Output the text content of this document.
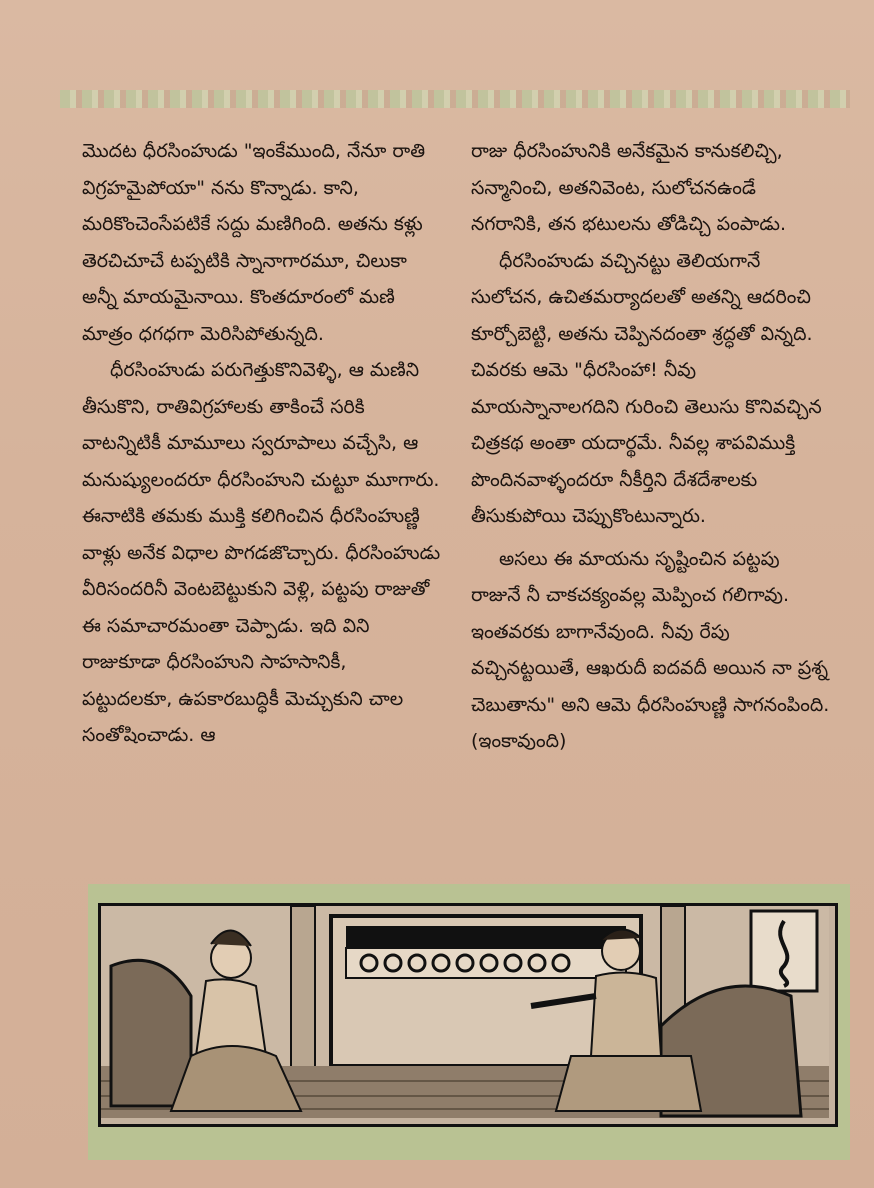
మొదట ధీరసింహుడు "ఇంకేముంది, నేనూ రాతి విగ్రహమైపోయా" నను కొన్నాడు. కాని, మరికొంచెంసేపటికే సద్దు మణిగింది. అతను కళ్లు తెరచిచూచే టప్పటికి స్నానాగారమూ, చిలుకా అన్నీ మాయమైనాయి. కొంతదూరంలో మణి మాత్రం ధగధగా మెరిసిపోతున్నది.

ధీరసింహుడు పరుగెత్తుకొనివెళ్ళి, ఆ మణిని తీసుకొని, రాతివిగ్రహాలకు తాకించే సరికి వాటన్నిటికీ మామూలు స్వరూపాలు వచ్చేసి, ఆ మనుష్యులందరూ ధీరసింహుని చుట్టూ మూగారు. ఈనాటికి తమకు ముక్తి కలిగించిన ధీరసింహుణ్ణి వాళ్లు అనేక విధాల పొగడజొచ్చారు. ధీరసింహుడు వీరిసందరినీ వెంటబెట్టుకుని వెళ్లి, పట్టపు రాజుతో ఈ సమాచారమంతా చెప్పాడు. ఇది విని రాజుకూడా ధీరసింహుని సాహసానికీ, పట్టుదలకూ, ఉపకారబుద్ధికీ మెచ్చుకుని చాల సంతోషించాడు. ఆ

రాజు ధీరసింహునికి అనేకమైన కానుకలిచ్చి, సన్మానించి, అతనివెంట, సులోచనఉండే నగరానికి, తన భటులను తోడిచ్చి పంపాడు.

ధీరసింహుడు వచ్చినట్టు తెలియగానే సులోచన, ఉచితమర్యాదలతో అతన్ని ఆదరించి కూర్చోబెట్టి, అతను చెప్పినదంతా శ్రద్ధతో విన్నది. చివరకు ఆమె "ధీరసింహా! నీవు మాయస్నానాలగదిని గురించి తెలుసు కొనివచ్చిన చిత్రకథ అంతా యదార్థమే. నీవల్ల శాపవిముక్తి పొందినవాళ్ళందరూ నీకీర్తిని దేశదేశాలకు తీసుకుపోయి చెప్పుకొంటున్నారు.

అసలు ఈ మాయను సృష్టించిన పట్టపు రాజునే నీ చాకచక్యంవల్ల మెప్పించ గలిగావు. ఇంతవరకు బాగానేవుంది. నీవు రేపు వచ్చినట్టయితే, ఆఖరుదీ ఐదవదీ అయిన నా ప్రశ్న చెబుతాను" అని ఆమె ధీరసింహుణ్ణి సాగనంపింది. (ఇంకావుంది)
